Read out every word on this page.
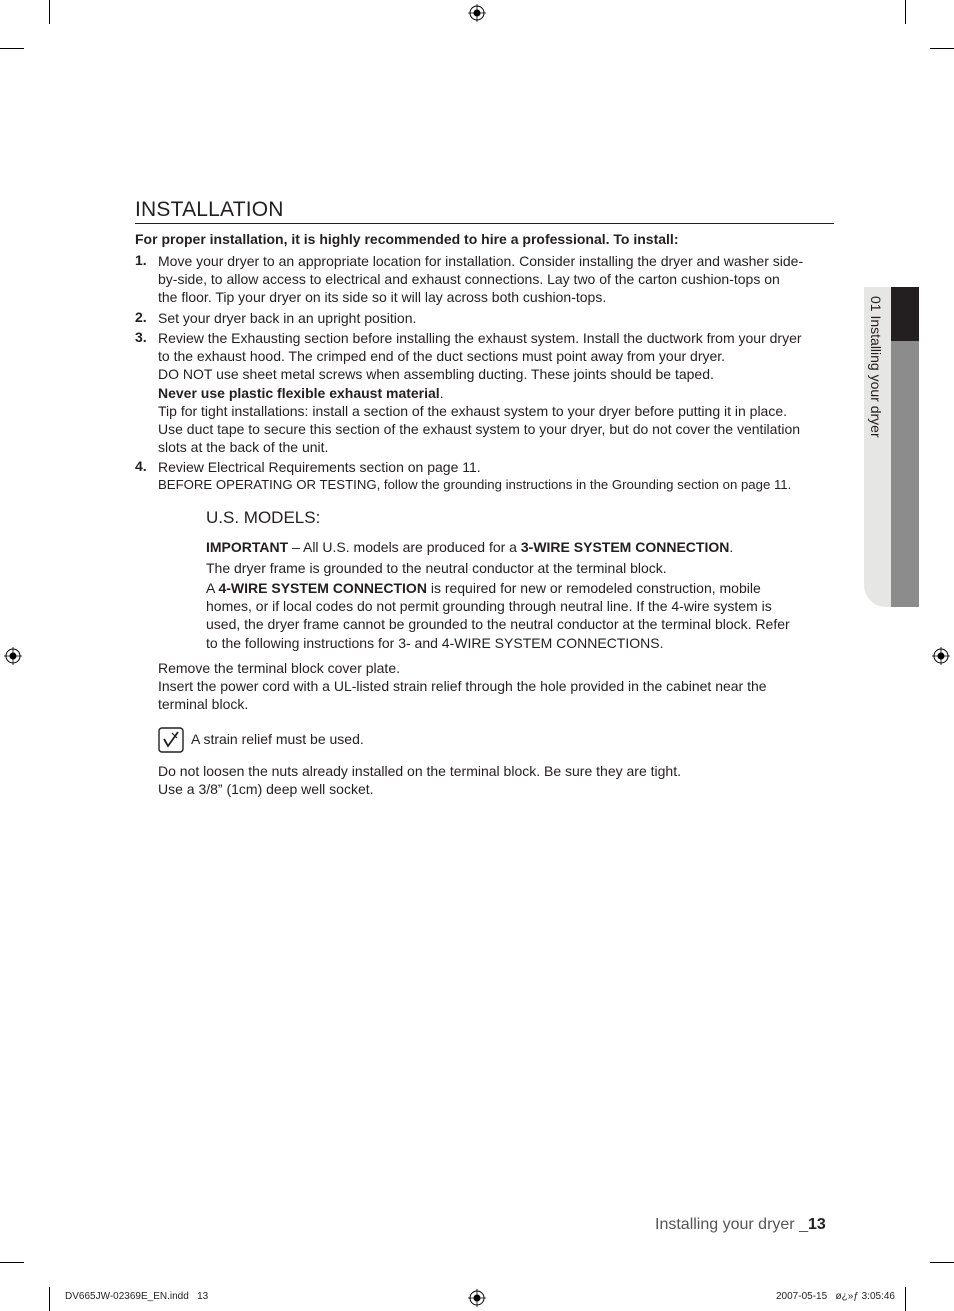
01 Installing your dryer
INSTALLATION
For proper installation, it is highly recommended to hire a professional. To install:
1. Move your dryer to an appropriate location for installation. Consider installing the dryer and washer side-
by-side, to allow access to electrical and exhaust connections. Lay two of the carton cushion-tops on
the floor. Tip your dryer on its side so it will lay across both cushion-tops.
2. Set your dryer back in an upright position.
3. Review the Exhausting section before installing the exhaust system. Install the ductwork from your dryer
to the exhaust hood. The crimped end of the duct sections must point away from your dryer.
DO NOT use sheet metal screws when assembling ducting. These joints should be taped.
Never use plastic flexible exhaust material.
Tip for tight installations: install a section of the exhaust system to your dryer before putting it in place.
Use duct tape to secure this section of the exhaust system to your dryer, but do not cover the ventilation
slots at the back of the unit.
4. Review Electrical Requirements section on page 11.
BEFORE OPERATING OR TESTING, follow the grounding instructions in the Grounding section on page 11.
U.S. MODELS:
IMPORTANT – All U.S. models are produced for a 3-WIRE SYSTEM CONNECTION.
The dryer frame is grounded to the neutral conductor at the terminal block.
A 4-WIRE SYSTEM CONNECTION is required for new or remodeled construction, mobile
homes, or if local codes do not permit grounding through neutral line. If the 4-wire system is
used, the dryer frame cannot be grounded to the neutral conductor at the terminal block. Refer
to the following instructions for 3- and 4-WIRE SYSTEM CONNECTIONS.
Remove the terminal block cover plate.
Insert the power cord with a UL-listed strain relief through the hole provided in the cabinet near the
terminal block.
A strain relief must be used.
Do not loosen the nuts already installed on the terminal block. Be sure they are tight.
Use a 3/8” (1cm) deep well socket.
Installing your dryer _13
DV665JW-02369E_EN.indd   13	2007-05-15   ø¿»ƒ 3:05:46
